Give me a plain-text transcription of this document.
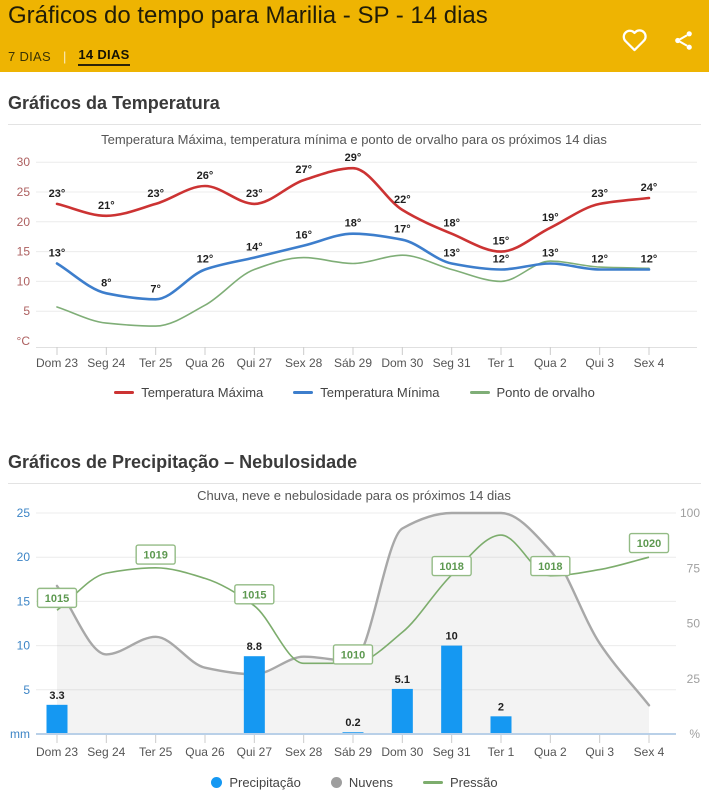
Gráficos do tempo para Marilia - SP - 14 dias
7 DIAS | 14 DIAS
Gráficos da Temperatura
Temperatura Máxima, temperatura mínima e ponto de orvalho para os próximos 14 dias
5
10
15
20
25
30
°C
Dom 23 Seg 24 Ter 25 Qua 26 Qui 27 Sex 28 Sáb 29 Dom 30 Seg 31 Ter 1 Qua 2 Qui 3 Sex 4
23°
21°
23°
26°
23°
27°
29°
22°
18°
15°
19°
23°	24°
13°
8°	7°
12°
14°
16°
18°	17°
13°	12°	13°	12°	12°
Temperatura Máxima	Temperatura Mínima	Ponto de orvalho
Gráficos de Precipitação – Nebulosidade
Chuva, neve e nebulosidade para os próximos 14 dias
5
10
15
20
25
25
50
75
100
mm	%
3.3
8.8
0.2
5.1
10
2
1015
1019
1015
1010
1018	1018
1020
Dom 23 Seg 24 Ter 25 Qua 26 Qui 27 Sex 28 Sáb 29 Dom 30 Seg 31 Ter 1 Qua 2 Qui 3 Sex 4
Precipitação	Nuvens	Pressão
